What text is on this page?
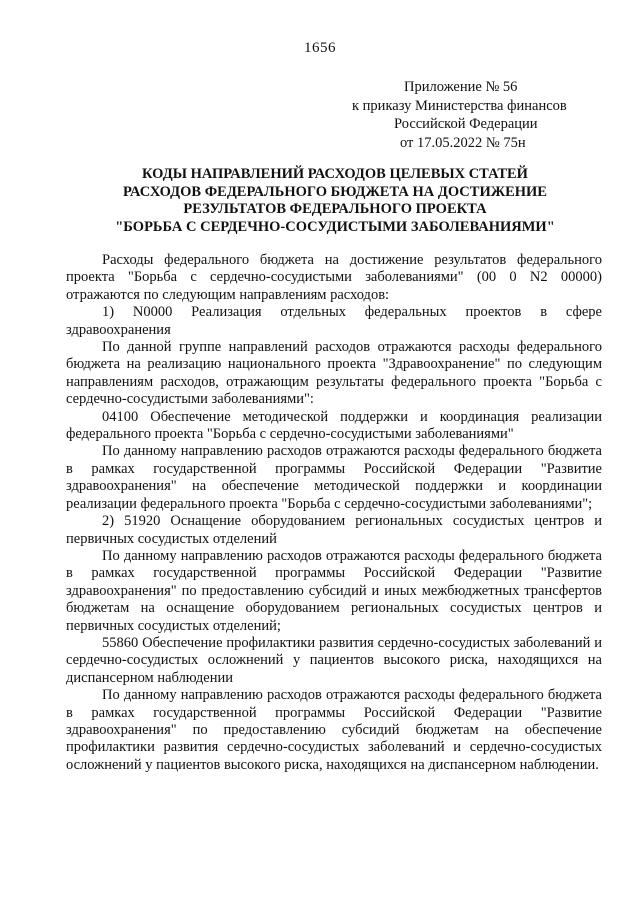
1656
Приложение № 56
к приказу Министерства финансов
Российской Федерации
от 17.05.2022 № 75н
КОДЫ НАПРАВЛЕНИЙ РАСХОДОВ ЦЕЛЕВЫХ СТАТЕЙ
РАСХОДОВ ФЕДЕРАЛЬНОГО БЮДЖЕТА НА ДОСТИЖЕНИЕ
РЕЗУЛЬТАТОВ ФЕДЕРАЛЬНОГО ПРОЕКТА
"БОРЬБА С СЕРДЕЧНО-СОСУДИСТЫМИ ЗАБОЛЕВАНИЯМИ"

Расходы федерального бюджета на достижение результатов федерального проекта "Борьба с сердечно-сосудистыми заболеваниями" (00 0 N2 00000) отражаются по следующим направлениям расходов:

1) N0000 Реализация отдельных федеральных проектов в сфере здравоохранения

По данной группе направлений расходов отражаются расходы федерального бюджета на реализацию национального проекта "Здравоохранение" по следующим направлениям расходов, отражающим результаты федерального проекта "Борьба с сердечно-сосудистыми заболеваниями":

04100 Обеспечение методической поддержки и координация реализации федерального проекта "Борьба с сердечно-сосудистыми заболеваниями"

По данному направлению расходов отражаются расходы федерального бюджета в рамках государственной программы Российской Федерации "Развитие здравоохранения" на обеспечение методической поддержки и координации реализации федерального проекта "Борьба с сердечно-сосудистыми заболеваниями";

2) 51920 Оснащение оборудованием региональных сосудистых центров и первичных сосудистых отделений

По данному направлению расходов отражаются расходы федерального бюджета в рамках государственной программы Российской Федерации "Развитие здравоохранения" по предоставлению субсидий и иных межбюджетных трансфертов бюджетам на оснащение оборудованием региональных сосудистых центров и первичных сосудистых отделений;

55860 Обеспечение профилактики развития сердечно-сосудистых заболеваний и сердечно-сосудистых осложнений у пациентов высокого риска, находящихся на диспансерном наблюдении

По данному направлению расходов отражаются расходы федерального бюджета в рамках государственной программы Российской Федерации "Развитие здравоохранения" по предоставлению субсидий бюджетам на обеспечение профилактики развития сердечно-сосудистых заболеваний и сердечно-сосудистых осложнений у пациентов высокого риска, находящихся на диспансерном наблюдении.
